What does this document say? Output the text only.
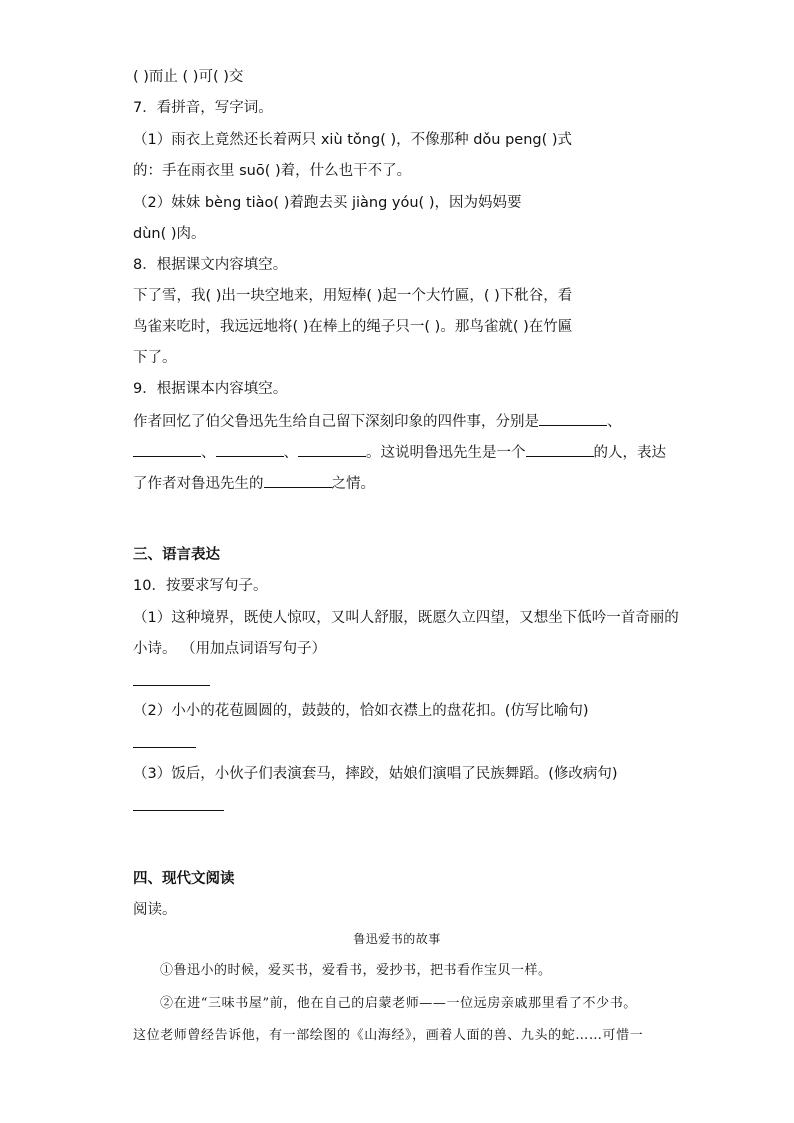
( )而止 ( )可( )交
7．看拼音，写字词。
（1）雨衣上竟然还长着两只 xiù tǒng( )，不像那种 dǒu peng( )式
的：手在雨衣里 suō( )着，什么也干不了。
（2）妹妹 bèng tiào( )着跑去买 jiàng yóu( )，因为妈妈要
dùn( )肉。
8．根据课文内容填空。
下了雪，我( )出一块空地来，用短棒( )起一个大竹匾，( )下秕谷，看
鸟雀来吃时，我远远地将( )在棒上的绳子只一( )。那鸟雀就( )在竹匾
下了。
9．根据课本内容填空。
作者回忆了伯父鲁迅先生给自己留下深刻印象的四件事，分别是	、
、	、	。这说明鲁迅先生是一个	的人，表达
了作者对鲁迅先生的	之情。
三、语言表达
10．按要求写句子。
（1）这种境界，既使人惊叹，又叫人舒服，既愿久立四望，又想坐下低吟一首奇丽的
小诗。 （用加点词语写句子）
（2）小小的花苞圆圆的，鼓鼓的，恰如衣襟上的盘花扣。(仿写比喻句)
（3）饭后，小伙子们表演套马，摔跤，姑娘们演唱了民族舞蹈。(修改病句)
四、现代文阅读
阅读。
鲁迅爱书的故事
①鲁迅小的时候，爱买书，爱看书，爱抄书，把书看作宝贝一样。
②在进“三味书屋”前，他在自己的启蒙老师——一位远房亲戚那里看了不少书。
这位老师曾经告诉他，有一部绘图的《山海经》，画着人面的兽、九头的蛇……可惜一
